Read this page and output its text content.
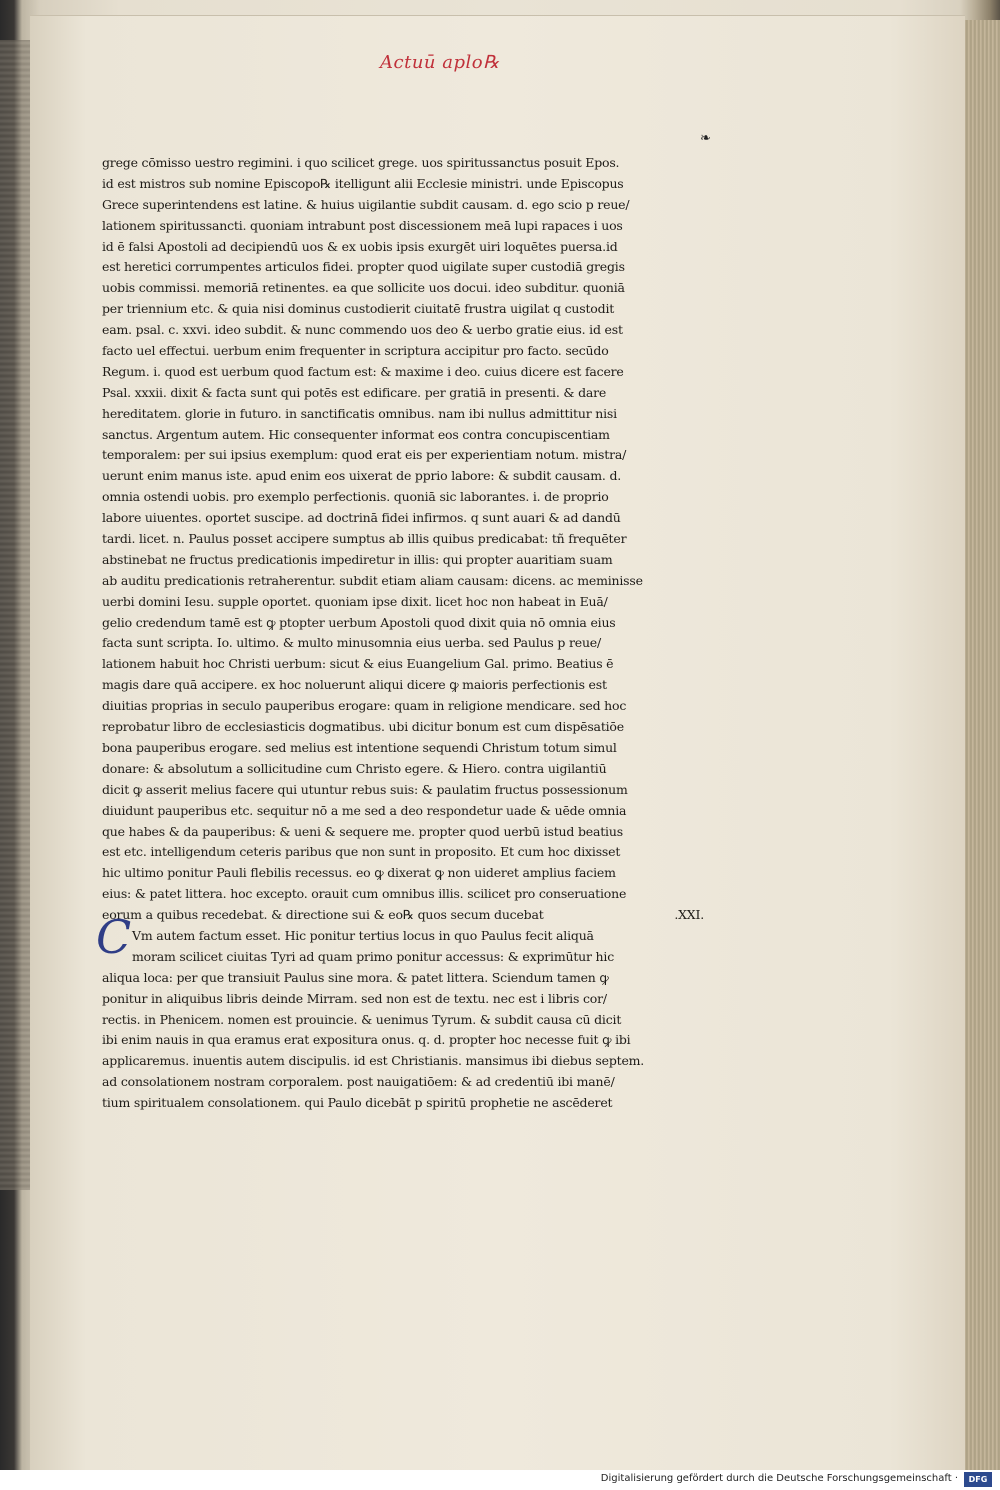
Actuū aplo℞
❧
grege cōmisso uestro regimini. i quo scilicet grege. uos spiritussanctus posuit Epos.
id est mistros sub nomine Episcopo℞ itelligunt alii Ecclesie ministri. unde Episcopus
Grece superintendens est latine. & huius uigilantie subdit causam. d. ego scio p reue/
lationem spiritussancti. quoniam intrabunt post discessionem meā lupi rapaces i uos
id ē falsi Apostoli ad decipiendū uos & ex uobis ipsis exurgēt uiri loquētes puersa.id
est heretici corrumpentes articulos fidei. propter quod uigilate super custodiā gregis
uobis commissi. memoriā retinentes. ea que sollicite uos docui. ideo subditur. quoniā
per triennium etc. & quia nisi dominus custodierit ciuitatē frustra uigilat q custodit
eam. psal. c. xxvi. ideo subdit. & nunc commendo uos deo & uerbo gratie eius. id est
facto uel effectui. uerbum enim frequenter in scriptura accipitur pro facto. secūdo
Regum. i. quod est uerbum quod factum est: & maxime i deo. cuius dicere est facere
Psal. xxxii. dixit & facta sunt qui potēs est edificare. per gratiā in presenti. & dare
hereditatem. glorie in futuro. in sanctificatis omnibus. nam ibi nullus admittitur nisi
sanctus. Argentum autem. Hic consequenter informat eos contra concupiscentiam
temporalem: per sui ipsius exemplum: quod erat eis per experientiam notum. mistra/
uerunt enim manus iste. apud enim eos uixerat de pprio labore: & subdit causam. d.
omnia ostendi uobis. pro exemplo perfectionis. quoniā sic laborantes. i. de proprio
labore uiuentes. oportet suscipe. ad doctrinā fidei infirmos. q sunt auari & ad dandū
tardi. licet. n. Paulus posset accipere sumptus ab illis quibus predicabat: tñ frequēter
abstinebat ne fructus predicationis impediretur in illis: qui propter auaritiam suam
ab auditu predicationis retraherentur. subdit etiam aliam causam: dicens. ac meminisse
uerbi domini Iesu. supple oportet. quoniam ipse dixit. licet hoc non habeat in Euā/
gelio credendum tamē est ꝙ ptopter uerbum Apostoli quod dixit quia nō omnia eius
facta sunt scripta. Io. ultimo. & multo minusomnia eius uerba. sed Paulus p reue/
lationem habuit hoc Christi uerbum: sicut & eius Euangelium Gal. primo. Beatius ē
magis dare quā accipere. ex hoc noluerunt aliqui dicere ꝙ maioris perfectionis est
diuitias proprias in seculo pauperibus erogare: quam in religione mendicare. sed hoc
reprobatur libro de ecclesiasticis dogmatibus. ubi dicitur bonum est cum dispēsatiōe
bona pauperibus erogare. sed melius est intentione sequendi Christum totum simul
donare: & absolutum a sollicitudine cum Christo egere. & Hiero. contra uigilantiū
dicit ꝙ asserit melius facere qui utuntur rebus suis: & paulatim fructus possessionum
diuidunt pauperibus etc. sequitur nō a me sed a deo respondetur uade & uēde omnia
que habes & da pauperibus: & ueni & sequere me. propter quod uerbū istud beatius
est etc. intelligendum ceteris paribus que non sunt in proposito. Et cum hoc dixisset
hic ultimo ponitur Pauli flebilis recessus. eo ꝙ dixerat ꝙ non uideret amplius faciem
eius: & patet littera. hoc excepto. orauit cum omnibus illis. scilicet pro conseruatione
eorum a quibus recedebat. & directione sui & eo℞ quos secum ducebat	.XXI.
Vm autem factum esset. Hic ponitur tertius locus in quo Paulus fecit aliquā
moram scilicet ciuitas Tyri ad quam primo ponitur accessus: & exprimūtur hic
aliqua loca: per que transiuit Paulus sine mora. & patet littera. Sciendum tamen ꝙ
ponitur in aliquibus libris deinde Mirram. sed non est de textu. nec est i libris cor/
rectis. in Phenicem. nomen est prouincie. & uenimus Tyrum. & subdit causa cū dicit
ibi enim nauis in qua eramus erat expositura onus. q. d. propter hoc necesse fuit ꝙ ibi
applicaremus. inuentis autem discipulis. id est Christianis. mansimus ibi diebus septem.
ad consolationem nostram corporalem. post nauigatiōem: & ad credentiū ibi manē/
tium spiritualem consolationem. qui Paulo dicebāt p spiritū prophetie ne ascēderet
C
Digitalisierung gefördert durch die Deutsche Forschungsgemeinschaft ·	DFG
